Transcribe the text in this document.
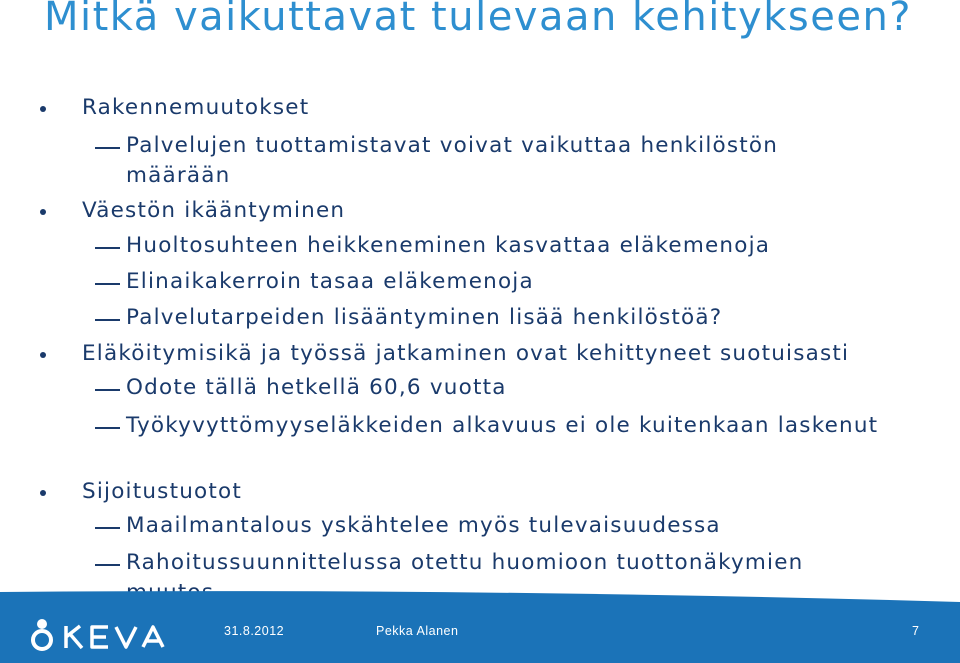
Mitkä vaikuttavat tulevaan kehitykseen?
Rakennemuutokset
Palvelujen tuottamistavat voivat vaikuttaa henkilöstön määrään
Väestön ikääntyminen
Huoltosuhteen heikkeneminen kasvattaa eläkemenoja
Elinaikakerroin tasaa eläkemenoja
Palvelutarpeiden lisääntyminen lisää henkilöstöä?
Eläköitymisikä ja työssä jatkaminen ovat kehittyneet suotuisasti
Odote tällä hetkellä 60,6 vuotta
Työkyvyttömyyseläkkeiden alkavuus ei ole kuitenkaan laskenut
Sijoitustuotot
Maailmantalous yskähtelee myös tulevaisuudessa
Rahoitussuunnittelussa otettu huomioon tuottonäkymien
31.8.2012	Pekka Alanen	7
